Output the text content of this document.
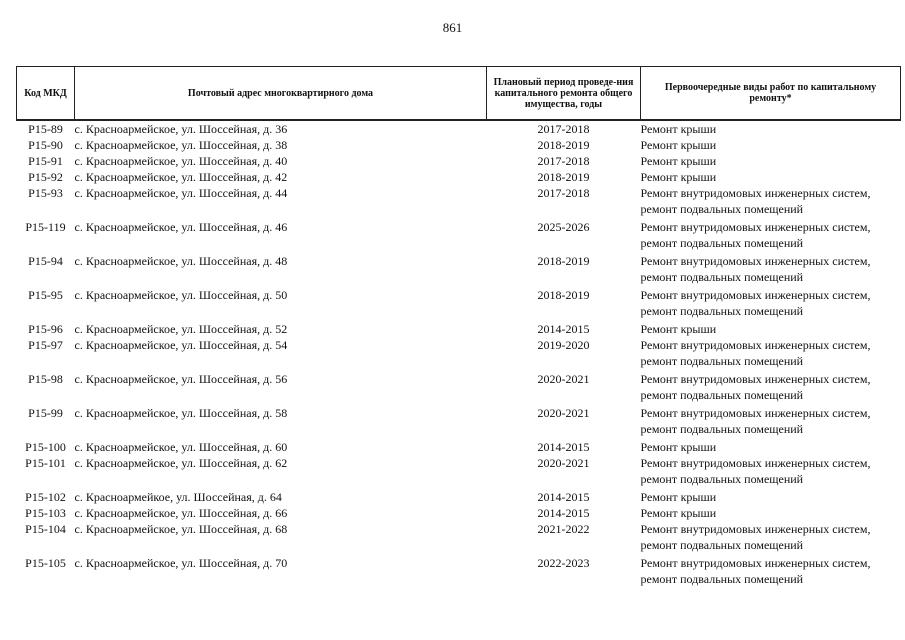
861
Код МКД	Почтовый адрес многоквартирного дома	Плановый период проведе-ния капитального ремонта общего имущества, годы	Первоочередные виды работ по капитальному ремонту*
Р15-89	с. Красноармейское, ул. Шоссейная, д. 36	2017-2018	Ремонт крыши

Р15-90	с. Красноармейское, ул. Шоссейная, д. 38	2018-2019	Ремонт крыши

Р15-91	с. Красноармейское, ул. Шоссейная, д. 40	2017-2018	Ремонт крыши

Р15-92	с. Красноармейское, ул. Шоссейная, д. 42	2018-2019	Ремонт крыши

Р15-93	с. Красноармейское, ул. Шоссейная, д. 44	2017-2018	Ремонт внутридомовых инженерных систем,
ремонт подвальных помещений

Р15-119	с. Красноармейское, ул. Шоссейная, д. 46	2025-2026	Ремонт внутридомовых инженерных систем,
ремонт подвальных помещений

Р15-94	с. Красноармейское, ул. Шоссейная, д. 48	2018-2019	Ремонт внутридомовых инженерных систем,
ремонт подвальных помещений

Р15-95	с. Красноармейское, ул. Шоссейная, д. 50	2018-2019	Ремонт внутридомовых инженерных систем,
ремонт подвальных помещений

Р15-96	с. Красноармейское, ул. Шоссейная, д. 52	2014-2015	Ремонт крыши

Р15-97	с. Красноармейское, ул. Шоссейная, д. 54	2019-2020	Ремонт внутридомовых инженерных систем,
ремонт подвальных помещений

Р15-98	с. Красноармейское, ул. Шоссейная, д. 56	2020-2021	Ремонт внутридомовых инженерных систем,
ремонт подвальных помещений

Р15-99	с. Красноармейское, ул. Шоссейная, д. 58	2020-2021	Ремонт внутридомовых инженерных систем,
ремонт подвальных помещений

Р15-100	с. Красноармейское, ул. Шоссейная, д. 60	2014-2015	Ремонт крыши

Р15-101	с. Красноармейское, ул. Шоссейная, д. 62	2020-2021	Ремонт внутридомовых инженерных систем,
ремонт подвальных помещений

Р15-102	с. Красноармейкое, ул. Шоссейная, д. 64	2014-2015	Ремонт крыши

Р15-103	с. Красноармейское, ул. Шоссейная, д. 66	2014-2015	Ремонт крыши

Р15-104	с. Красноармейское, ул. Шоссейная, д. 68	2021-2022	Ремонт внутридомовых инженерных систем,
ремонт подвальных помещений

Р15-105	с. Красноармейское, ул. Шоссейная, д. 70	2022-2023	Ремонт внутридомовых инженерных систем,
ремонт подвальных помещений
